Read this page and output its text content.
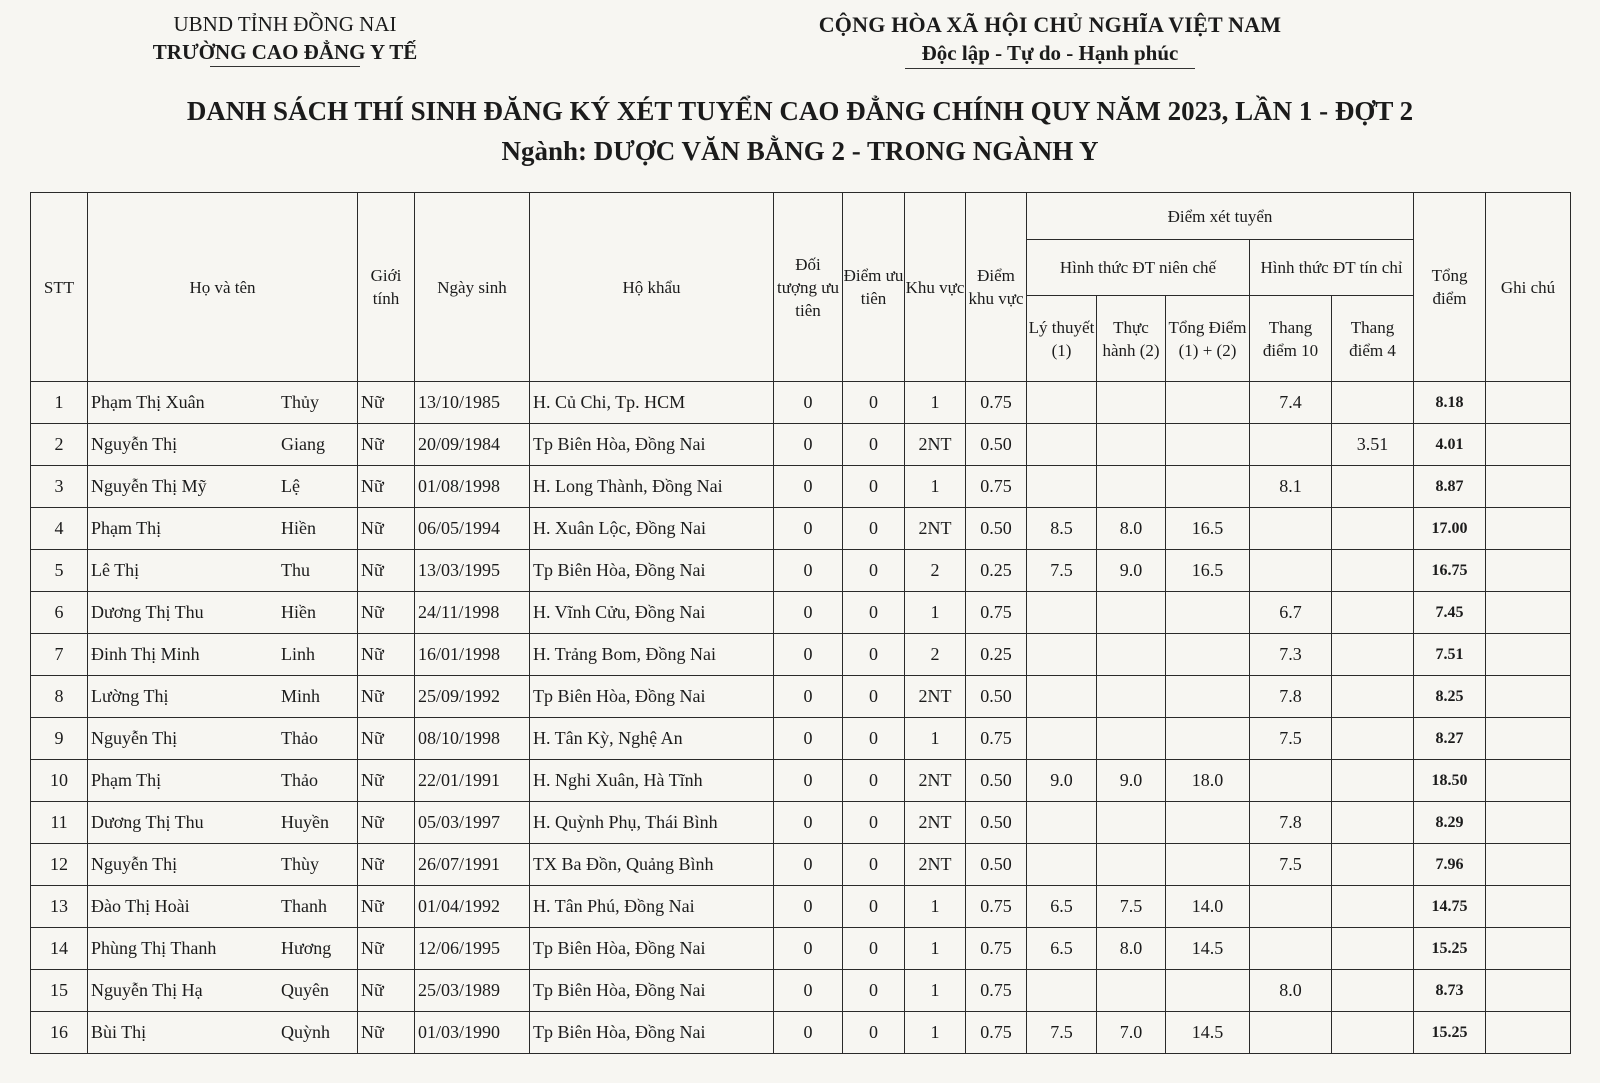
UBND TỈNH ĐỒNG NAI
TRƯỜNG CAO ĐẲNG Y TẾ
CỘNG HÒA XÃ HỘI CHỦ NGHĨA VIỆT NAM
Độc lập - Tự do - Hạnh phúc
DANH SÁCH THÍ SINH ĐĂNG KÝ XÉT TUYỂN CAO ĐẲNG CHÍNH QUY NĂM 2023, LẦN 1 - ĐỢT 2
Ngành: DƯỢC VĂN BẰNG 2 - TRONG NGÀNH Y
STT	Họ và tên	Giới tính	Ngày sinh	Hộ khẩu	Đối tượng ưu tiên	Điểm ưu tiên	Khu vực	Điểm khu vực	Điểm xét tuyển					Tổng điểm	Ghi chú
									Hình thức ĐT niên chế			Hình thức ĐT tín chỉ			
									Lý thuyết (1)	Thực hành (2)	Tổng Điểm (1) + (2)	Thang điểm 10	Thang điểm 4		
1	Phạm Thị Xuân Thủy	Nữ	13/10/1985	H. Củ Chi, Tp. HCM	0	0	1	0.75				7.4		8.18	
2	Nguyễn Thị Giang	Nữ	20/09/1984	Tp Biên Hòa, Đồng Nai	0	0	2NT	0.50					3.51	4.01	
3	Nguyễn Thị Mỹ Lệ	Nữ	01/08/1998	H. Long Thành, Đồng Nai	0	0	1	0.75				8.1		8.87	
4	Phạm Thị Hiền	Nữ	06/05/1994	H. Xuân Lộc, Đồng Nai	0	0	2NT	0.50	8.5	8.0	16.5			17.00	
5	Lê Thị Thu	Nữ	13/03/1995	Tp Biên Hòa, Đồng Nai	0	0	2	0.25	7.5	9.0	16.5			16.75	
6	Dương Thị Thu Hiền	Nữ	24/11/1998	H. Vĩnh Cửu, Đồng Nai	0	0	1	0.75				6.7		7.45	
7	Đinh Thị Minh Linh	Nữ	16/01/1998	H. Trảng Bom, Đồng Nai	0	0	2	0.25				7.3		7.51	
8	Lường Thị Minh	Nữ	25/09/1992	Tp Biên Hòa, Đồng Nai	0	0	2NT	0.50				7.8		8.25	
9	Nguyễn Thị Thảo	Nữ	08/10/1998	H. Tân Kỳ, Nghệ An	0	0	1	0.75				7.5		8.27	
10	Phạm Thị Thảo	Nữ	22/01/1991	H. Nghi Xuân, Hà Tĩnh	0	0	2NT	0.50	9.0	9.0	18.0			18.50	
11	Dương Thị Thu Huyền	Nữ	05/03/1997	H. Quỳnh Phụ, Thái Bình	0	0	2NT	0.50				7.8		8.29	
12	Nguyễn Thị Thùy	Nữ	26/07/1991	TX Ba Đồn, Quảng Bình	0	0	2NT	0.50				7.5		7.96	
13	Đào Thị Hoài Thanh	Nữ	01/04/1992	H. Tân Phú, Đồng Nai	0	0	1	0.75	6.5	7.5	14.0			14.75	
14	Phùng Thị Thanh Hương	Nữ	12/06/1995	Tp Biên Hòa, Đồng Nai	0	0	1	0.75	6.5	8.0	14.5			15.25	
15	Nguyễn Thị Hạ Quyên	Nữ	25/03/1989	Tp Biên Hòa, Đồng Nai	0	0	1	0.75				8.0		8.73	
16	Bùi Thị Quỳnh	Nữ	01/03/1990	Tp Biên Hòa, Đồng Nai	0	0	1	0.75	7.5	7.0	14.5			15.25	
